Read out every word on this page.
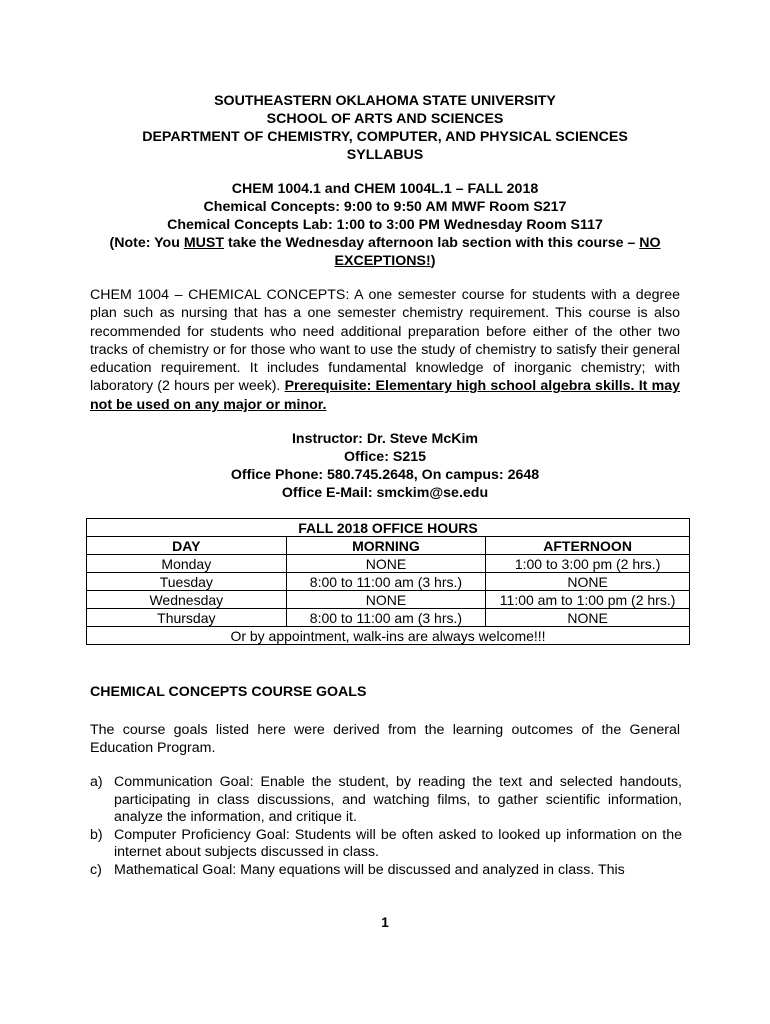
SOUTHEASTERN OKLAHOMA STATE UNIVERSITY
SCHOOL OF ARTS AND SCIENCES
DEPARTMENT OF CHEMISTRY, COMPUTER, AND PHYSICAL SCIENCES
SYLLABUS
CHEM 1004.1 and CHEM 1004L.1 – FALL 2018
Chemical Concepts: 9:00 to 9:50 AM MWF Room S217
Chemical Concepts Lab: 1:00 to 3:00 PM Wednesday Room S117
(Note: You MUST take the Wednesday afternoon lab section with this course – NO
EXCEPTIONS!)
CHEM 1004 – CHEMICAL CONCEPTS: A one semester course for students with a degree plan such as nursing that has a one semester chemistry requirement. This course is also recommended for students who need additional preparation before either of the other two tracks of chemistry or for those who want to use the study of chemistry to satisfy their general education requirement. It includes fundamental knowledge of inorganic chemistry; with laboratory (2 hours per week). Prerequisite: Elementary high school algebra skills. It may not be used on any major or minor.
Instructor: Dr. Steve McKim
Office: S215
Office Phone: 580.745.2648, On campus: 2648
Office E-Mail: smckim@se.edu
FALL 2018 OFFICE HOURS		
DAY	MORNING	AFTERNOON
Monday	NONE	1:00 to 3:00 pm (2 hrs.)
Tuesday	8:00 to 11:00 am (3 hrs.)	NONE
Wednesday	NONE	11:00 am to 1:00 pm (2 hrs.)
Thursday	8:00 to 11:00 am (3 hrs.)	NONE
Or by appointment, walk-ins are always welcome!!!		
CHEMICAL CONCEPTS COURSE GOALS
The course goals listed here were derived from the learning outcomes of the General Education Program.
a) Communication Goal: Enable the student, by reading the text and selected handouts, participating in class discussions, and watching films, to gather scientific information, analyze the information, and critique it.
b) Computer Proficiency Goal: Students will be often asked to looked up information on the internet about subjects discussed in class.
c) Mathematical Goal: Many equations will be discussed and analyzed in class. This
1
